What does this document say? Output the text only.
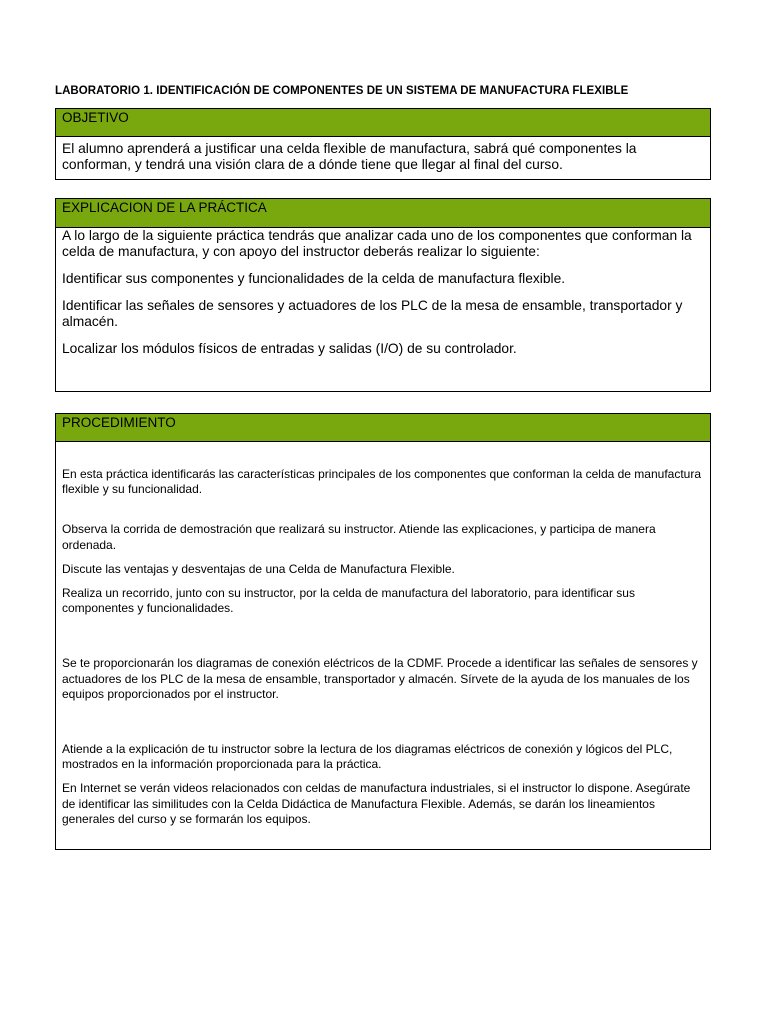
LABORATORIO 1. IDENTIFICACIÓN DE COMPONENTES DE UN SISTEMA DE MANUFACTURA FLEXIBLE
OBJETIVO

El alumno aprenderá a justificar una celda flexible de manufactura, sabrá qué componentes la conforman, y tendrá una visión clara de a dónde tiene que llegar al final del curso.

EXPLICACION DE LA PRÁCTICA

A lo largo de la siguiente práctica tendrás que analizar cada uno de los componentes que conforman la celda de manufactura, y con apoyo del instructor deberás realizar lo siguiente:

Identificar sus componentes y funcionalidades de la celda de manufactura flexible.

Identificar las señales de sensores y actuadores de los PLC de la mesa de ensamble, transportador y almacén.

Localizar los módulos físicos de entradas y salidas (I/O) de su controlador.

PROCEDIMIENTO

En esta práctica identificarás las características principales de los componentes que conforman la celda de manufactura flexible y su funcionalidad.

Observa la corrida de demostración que realizará su instructor. Atiende las explicaciones, y participa de manera ordenada.

Discute las ventajas y desventajas de una Celda de Manufactura Flexible.

Realiza un recorrido, junto con su instructor, por la celda de manufactura del laboratorio, para identificar sus componentes y funcionalidades.

Se te proporcionarán los diagramas de conexión eléctricos de la CDMF. Procede a identificar las señales de sensores y actuadores de los PLC de la mesa de ensamble, transportador y almacén. Sírvete de la ayuda de los manuales de los equipos proporcionados por el instructor.

Atiende a la explicación de tu instructor sobre la lectura de los diagramas eléctricos de conexión y lógicos del PLC, mostrados en la información proporcionada para la práctica.

En Internet se verán videos relacionados con celdas de manufactura industriales, si el instructor lo dispone. Asegúrate de identificar las similitudes con la Celda Didáctica de Manufactura Flexible. Además, se darán los lineamientos generales del curso y se formarán los equipos.
